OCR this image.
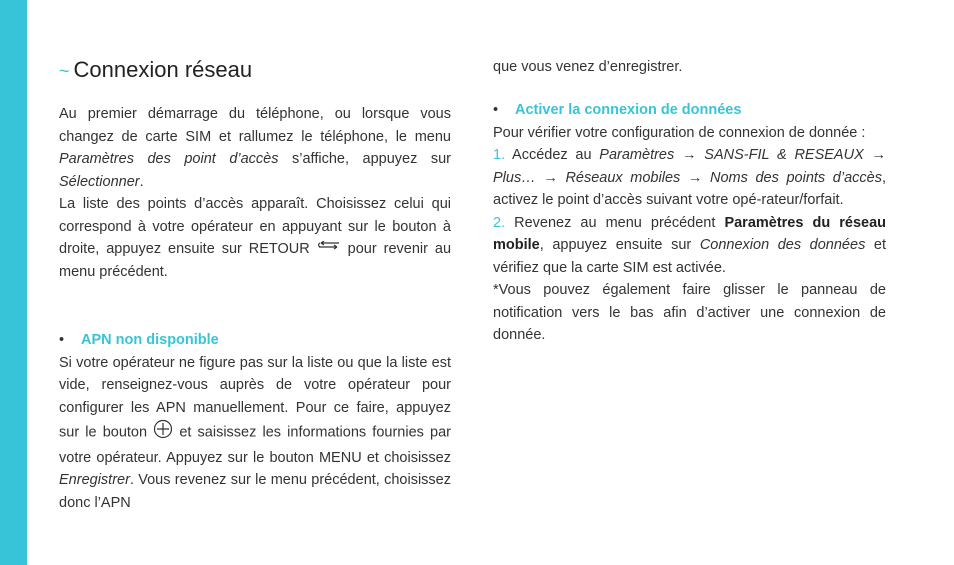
~ Connexion réseau

Au premier démarrage du téléphone, ou lorsque vous changez de carte SIM et rallumez le téléphone, le menu Paramètres des point d’accès s’affiche, appuyez sur Sélectionner.

La liste des points d’accès apparaît. Choisissez celui qui correspond à votre opérateur en appuyant sur le bouton à droite, appuyez ensuite sur RETOUR  pour revenir au menu précédent.

• APN non disponible

Si votre opérateur ne figure pas sur la liste ou que la liste est vide, renseignez-vous auprès de votre opérateur pour configurer les APN manuellement. Pour ce faire, appuyez sur le bouton  et saisissez les informations fournies par votre opérateur. Appuyez sur le bouton MENU et choisissez Enregistrer. Vous revenez sur le menu précédent, choisissez donc l’APN

que vous venez d’enregistrer.

• Activer la connexion de données

Pour vérifier votre configuration de connexion de donnée :

1. Accédez au Paramètres → SANS-FIL & RESEAUX → Plus… → Réseaux mobiles → Noms des points d’accès, activez le point d’accès suivant votre opé-rateur/forfait.

2. Revenez au menu précédent Paramètres du réseau mobile, appuyez ensuite sur Connexion des données et vérifiez que la carte SIM est activée.

*Vous pouvez également faire glisser le panneau de notification vers le bas afin d’activer une connexion de donnée.
